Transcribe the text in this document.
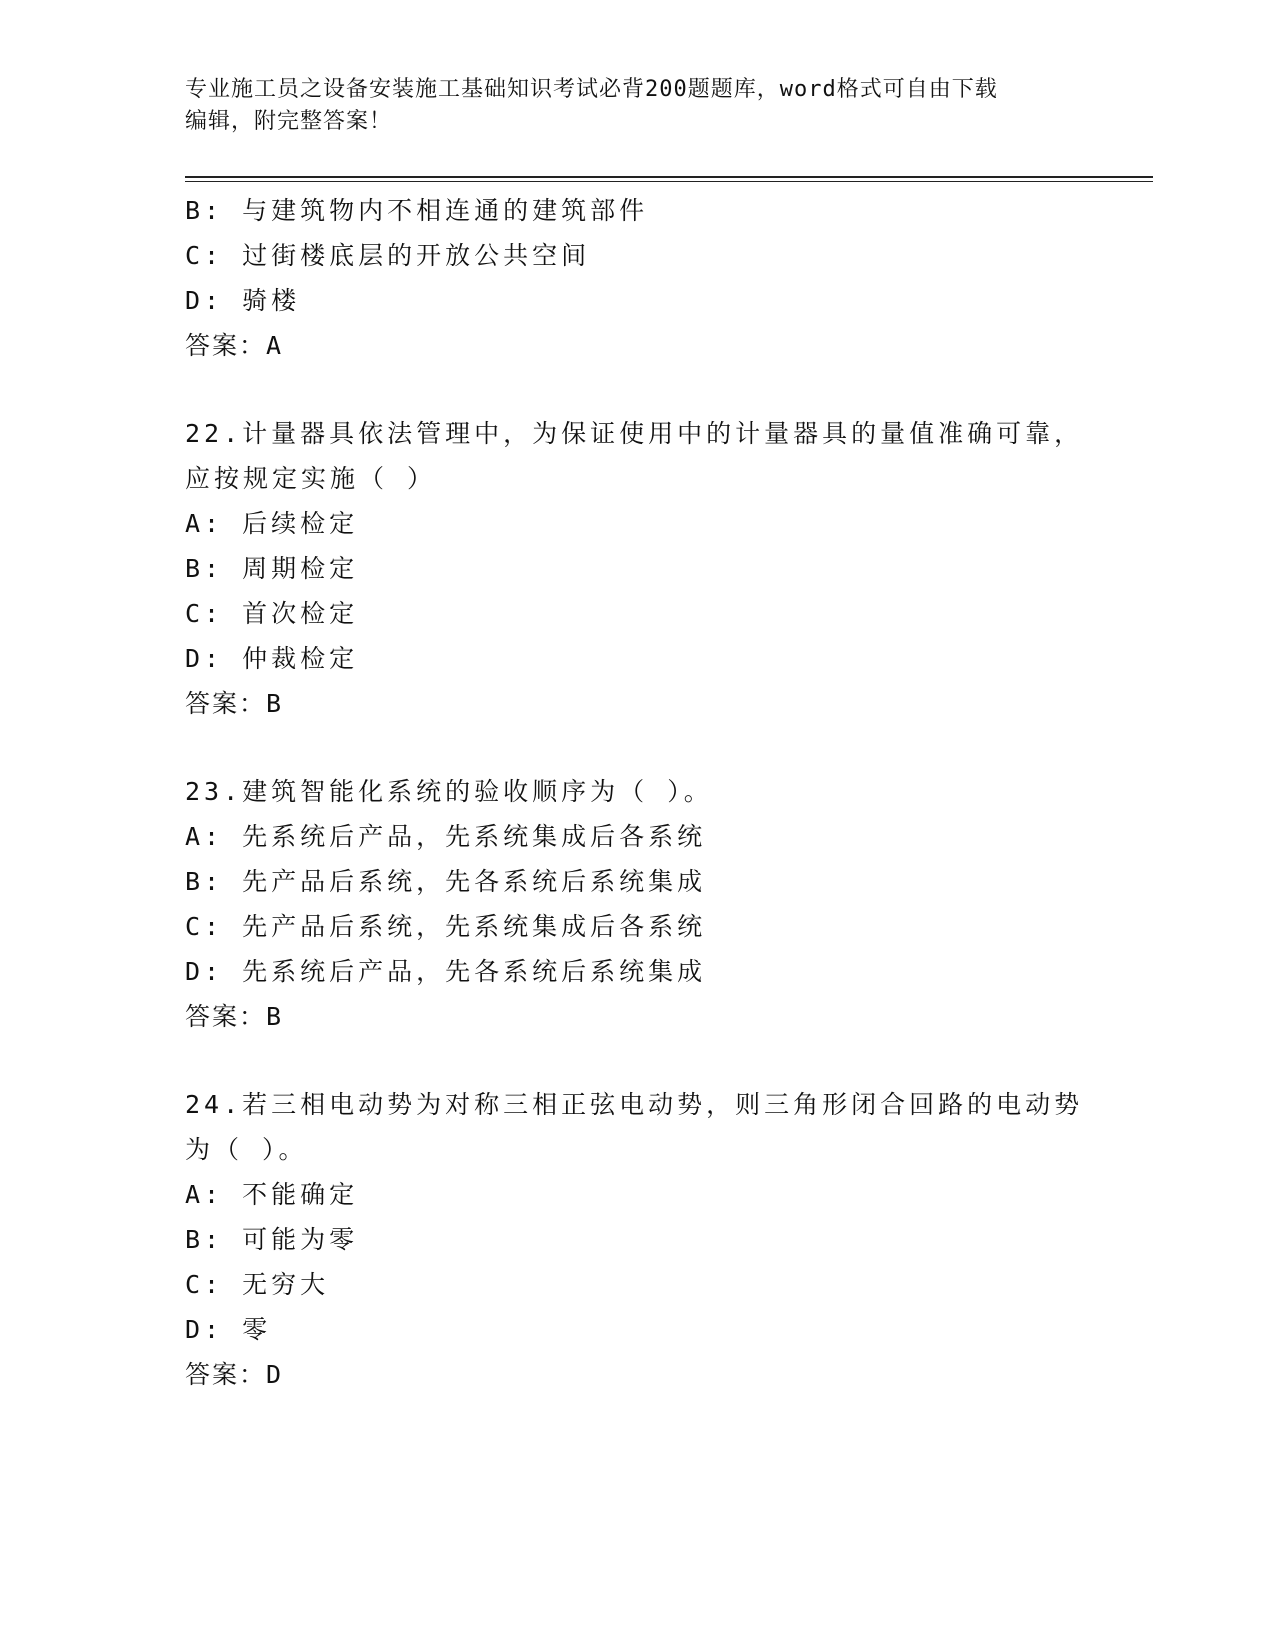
专业施工员之设备安装施工基础知识考试必背200题题库，word格式可自由下载
编辑，附完整答案！
B: 与建筑物内不相连通的建筑部件
C: 过街楼底层的开放公共空间
D: 骑楼
答案：A
22.计量器具依法管理中，为保证使用中的计量器具的量值准确可靠，
应按规定实施（ ）
A: 后续检定
B: 周期检定
C: 首次检定
D: 仲裁检定
答案：B
23.建筑智能化系统的验收顺序为（ ）。
A: 先系统后产品，先系统集成后各系统
B: 先产品后系统，先各系统后系统集成
C: 先产品后系统，先系统集成后各系统
D: 先系统后产品，先各系统后系统集成
答案：B
24.若三相电动势为对称三相正弦电动势，则三角形闭合回路的电动势
为（ ）。
A: 不能确定
B: 可能为零
C: 无穷大
D: 零
答案：D
